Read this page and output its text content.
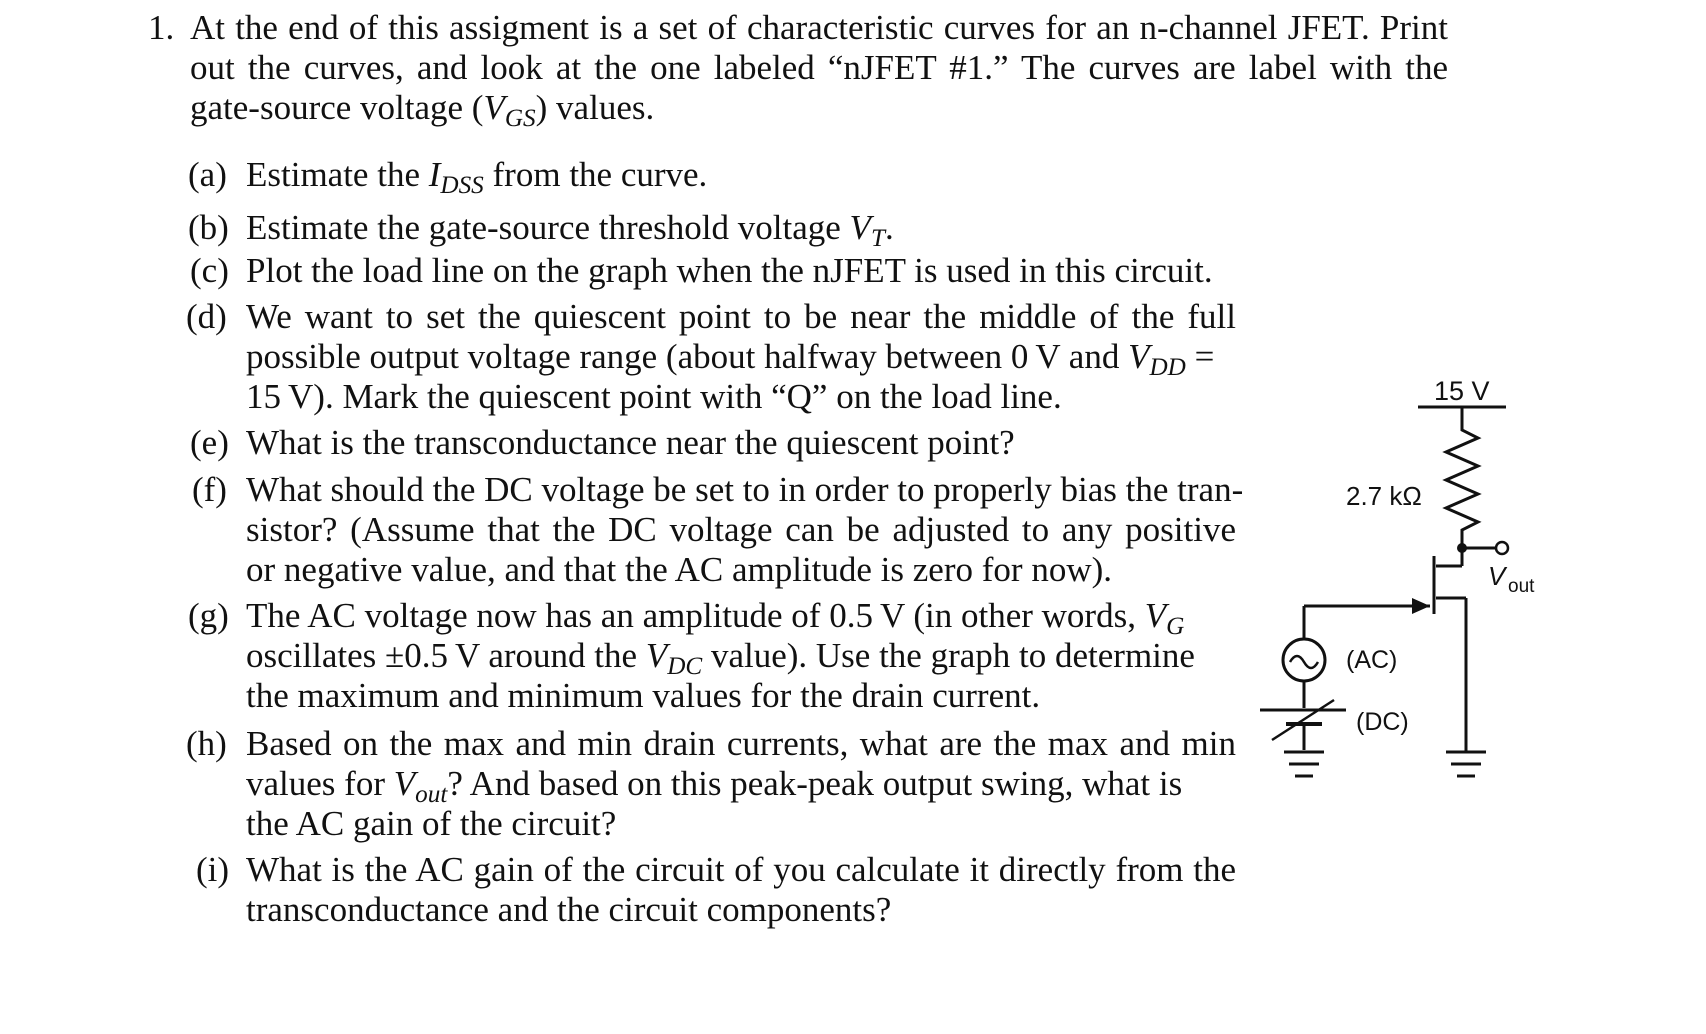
1. At the end of this assigment is a set of characteristic curves for an n-channel JFET. Print
out the curves, and look at the one labeled “nJFET #1.” The curves are label with the
gate-source voltage $(V_{GS})$ values.
(a) Estimate the $I_{DSS}$ from the curve.
(b) Estimate the gate-source threshold voltage $V_T$.
(c) Plot the load line on the graph when the nJFET is used in this circuit.
(d) We want to set the quiescent point to be near the middle of the full
possible output voltage range (about halfway between 0 V and $V_{DD}$ =
15 V). Mark the quiescent point with “Q” on the load line.
(e) What is the transconductance near the quiescent point?
(f) What should the DC voltage be set to in order to properly bias the tran-
sistor? (Assume that the DC voltage can be adjusted to any positive
or negative value, and that the AC amplitude is zero for now).
(g) The AC voltage now has an amplitude of 0.5 V (in other words, $V_G$
oscillates ±0.5 V around the $V_{DC}$ value). Use the graph to determine
the maximum and minimum values for the drain current.
(h) Based on the max and min drain currents, what are the max and min
values for $V_{out}$? And based on this peak-peak output swing, what is
the AC gain of the circuit?
(i) What is the AC gain of the circuit of you calculate it directly from the
transconductance and the circuit components?
15 V
2.7 kΩ
V out
(AC)
(DC)
